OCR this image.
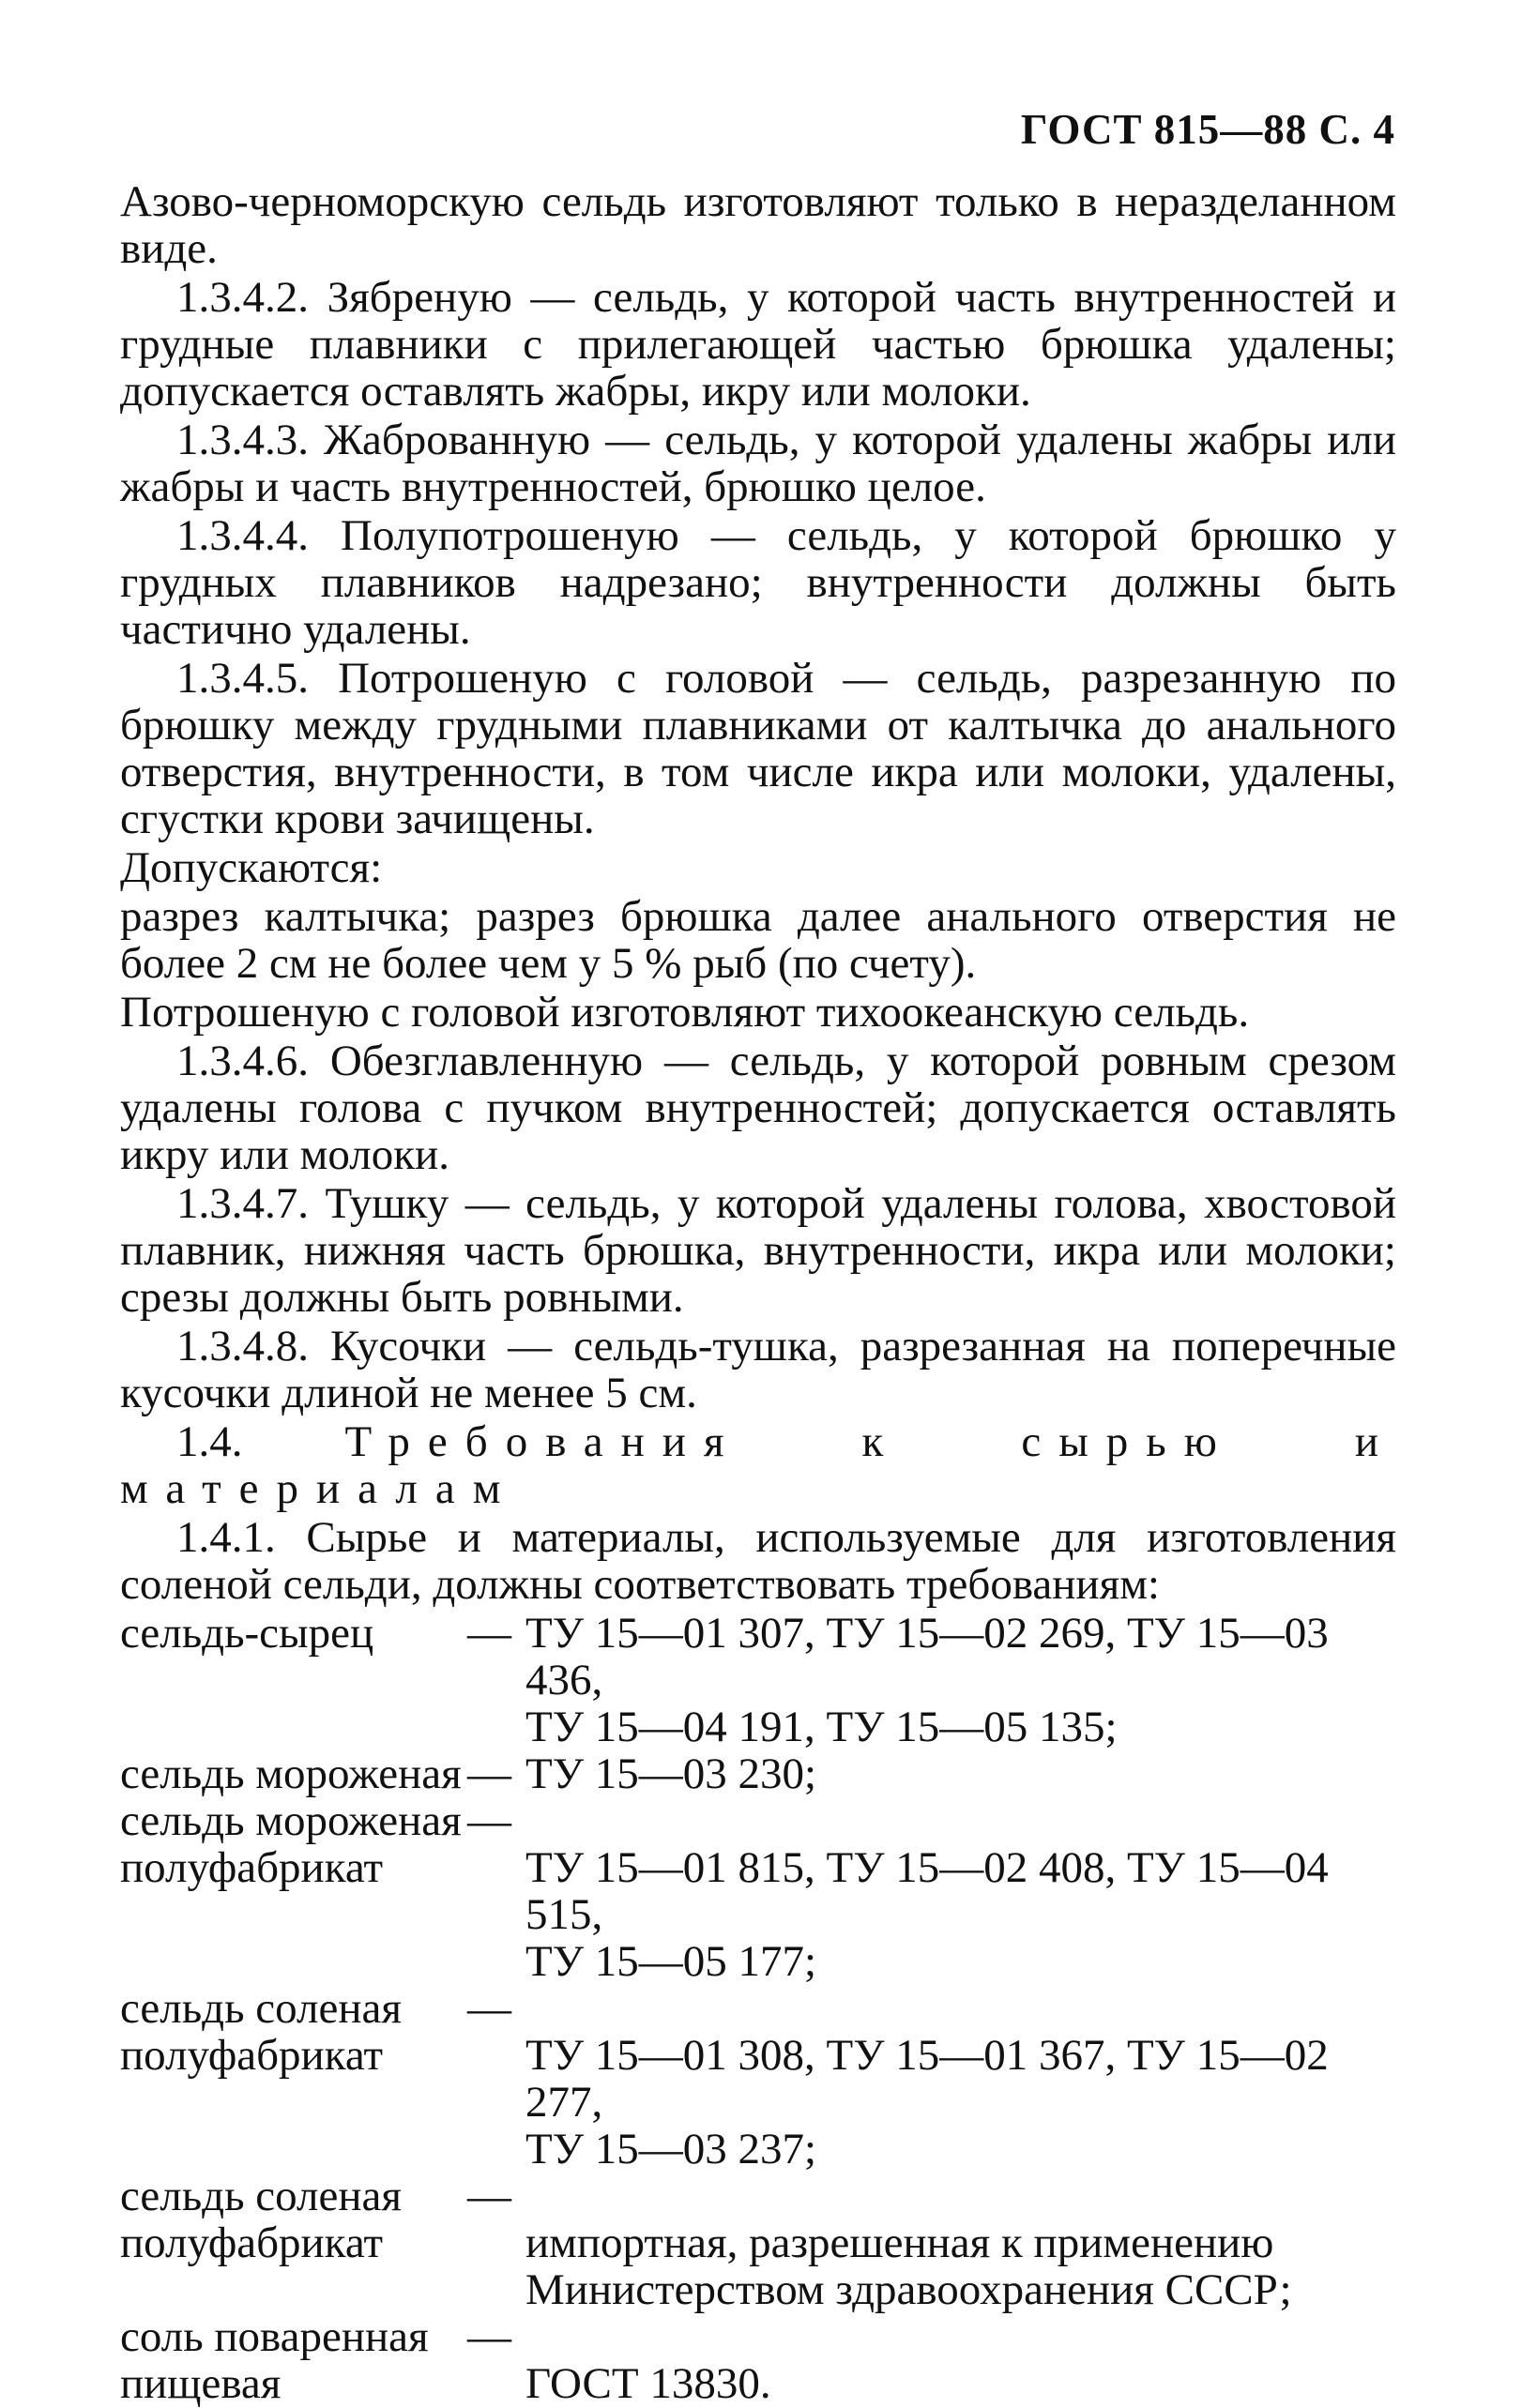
ГОСТ 815—88 С. 4

Азово-черноморскую сельдь изготовляют только в неразделанном виде.

1.3.4.2. Зябреную — сельдь, у которой часть внутренностей и грудные плавники с прилегающей частью брюшка удалены; допускается оставлять жабры, икру или молоки.

1.3.4.3. Жаброванную — сельдь, у которой удалены жабры или жабры и часть внутренностей, брюшко целое.

1.3.4.4. Полупотрошеную — сельдь, у которой брюшко у грудных плавников надрезано; внутренности должны быть частично удалены.

1.3.4.5. Потрошеную с головой — сельдь, разрезанную по брюшку между грудными плавниками от калтычка до анального отверстия, внутренности, в том числе икра или молоки, удалены, сгустки крови зачищены.

Допускаются:

разрез калтычка; разрез брюшка далее анального отверстия не более 2 см не более чем у 5 % рыб (по счету).

Потрошеную с головой изготовляют тихоокеанскую сельдь.

1.3.4.6. Обезглавленную — сельдь, у которой ровным срезом удалены голова с пучком внутренностей; допускается оставлять икру или молоки.

1.3.4.7. Тушку — сельдь, у которой удалены голова, хвостовой плавник, нижняя часть брюшка, внутренности, икра или молоки; срезы должны быть ровными.

1.3.4.8. Кусочки — сельдь-тушка, разрезанная на поперечные кусочки длиной не менее 5 см.

1.4. Требования к сырью и материалам

1.4.1. Сырье и материалы, используемые для изготовления соленой сельди, должны соответствовать требованиям:

сельдь-сырец	— ТУ 15—01 307, ТУ 15—02 269, ТУ 15—03 436,
ТУ 15—04 191, ТУ 15—05 135;
сельдь мороженая — ТУ 15—03 230;
сельдь мороженая
полуфабрикат
—

ТУ 15—01 815, ТУ 15—02 408, ТУ 15—04 515,
ТУ 15—05 177;
сельдь соленая
полуфабрикат
—

ТУ 15—01 308, ТУ 15—01 367, ТУ 15—02 277,
ТУ 15—03 237;
сельдь соленая
полуфабрикат
—

импортная, разрешенная к применению Министерством здравоохранения СССР;
соль поваренная
пищевая
—

ГОСТ 13830.
